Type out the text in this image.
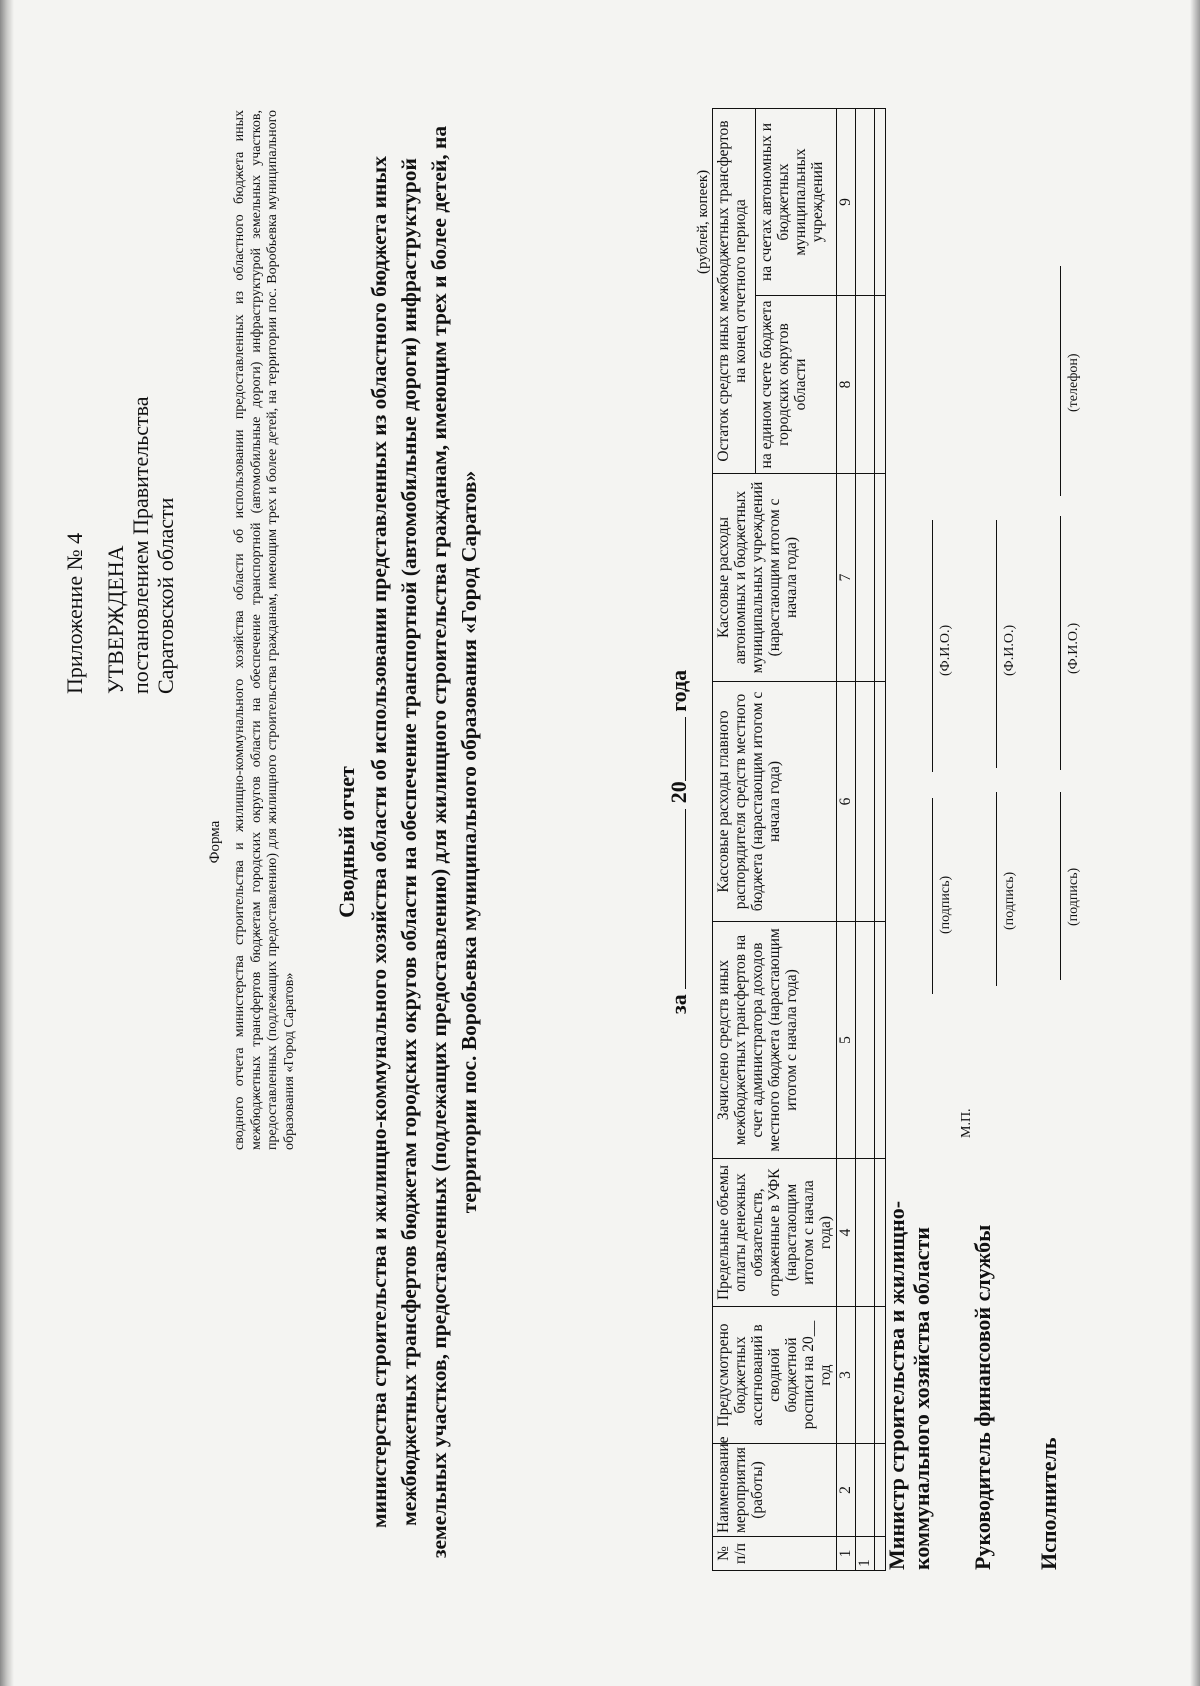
Приложение № 4 УТВЕРЖДЕНА постановлением Правительства Саратовской области
Форма сводного отчета министерства строительства и жилищно-коммунального хозяйства области об использовании предоставленных из областного бюджета иных межбюджетных трансфертов бюджетам городских округов области на обеспечение транспортной (автомобильные дороги) инфраструктурой земельных участков, предоставленных (подлежащих предоставлению) для жилищного строительства гражданам, имеющим трех и более детей, на территории пос. Воробьевка муниципального образования «Город Саратов»
Сводный отчет министерства строительства и жилищно-коммунального хозяйства области об использовании представленных из областного бюджета иных межбюджетных трансфертов бюджетам городских округов области на обеспечение транспортной (автомобильные дороги) инфраструктурой земельных участков, предоставленных (подлежащих предоставлению) для жилищного строительства гражданам, имеющим трех и более детей, на территории пос. Воробьевка муниципального образования «Город Саратов»	за  20 года
(рублей, копеек)
№ п/п	Наименование мероприятия (работы)	Предусмотрено бюджетных ассигнований в сводной бюджетной росписи на 20__ год	Предельные объемы оплаты денежных обязательств, отраженные в УФК (нарастающим итогом с начала года)	Зачислено средств иных межбюджетных трансфертов на счет администратора доходов местного бюджета (нарастающим итогом с начала года)	Кассовые расходы главного распорядителя средств местного бюджета (нарастающим итогом с начала года)	Кассовые расходы автономных и бюджетных муниципальных учреждений (нарастающим итогом с начала года)	Остаток средств иных межбюджетных трансфертов на конец отчетного периода	
							на едином счете бюджета городских округов области	на счетах автономных и бюджетных муниципальных учреждений
1	2	3	4	5	6	7	8	9
1								
								Министр строительства и жилищно- коммунального хозяйства области
(подпись)
(Ф.И.О.)
М.П.
Руководитель финансовой службы
(подпись)
(Ф.И.О.)
Исполнитель
(подпись)
(Ф.И.О.)
(телефон)
